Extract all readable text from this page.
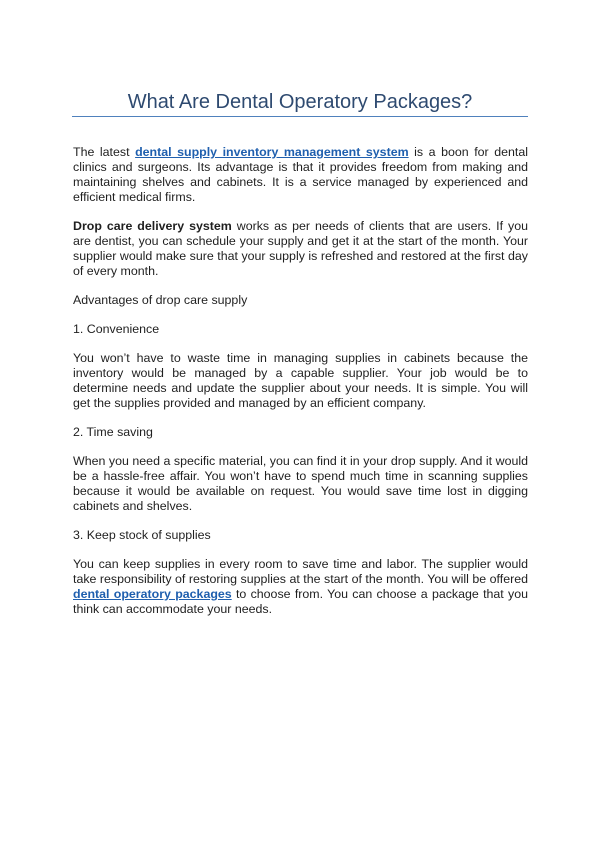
What Are Dental Operatory Packages?

The latest dental supply inventory management system is a boon for dental clinics and surgeons. Its advantage is that it provides freedom from making and maintaining shelves and cabinets. It is a service managed by experienced and efficient medical firms.

Drop care delivery system works as per needs of clients that are users. If you are dentist, you can schedule your supply and get it at the start of the month. Your supplier would make sure that your supply is refreshed and restored at the first day of every month.

Advantages of drop care supply

1. Convenience

You won’t have to waste time in managing supplies in cabinets because the inventory would be managed by a capable supplier. Your job would be to determine needs and update the supplier about your needs. It is simple. You will get the supplies provided and managed by an efficient company.

2. Time saving

When you need a specific material, you can find it in your drop supply. And it would be a hassle-free affair. You won’t have to spend much time in scanning supplies because it would be available on request. You would save time lost in digging cabinets and shelves.

3. Keep stock of supplies

You can keep supplies in every room to save time and labor. The supplier would take responsibility of restoring supplies at the start of the month. You will be offered dental operatory packages to choose from. You can choose a package that you think can accommodate your needs.
